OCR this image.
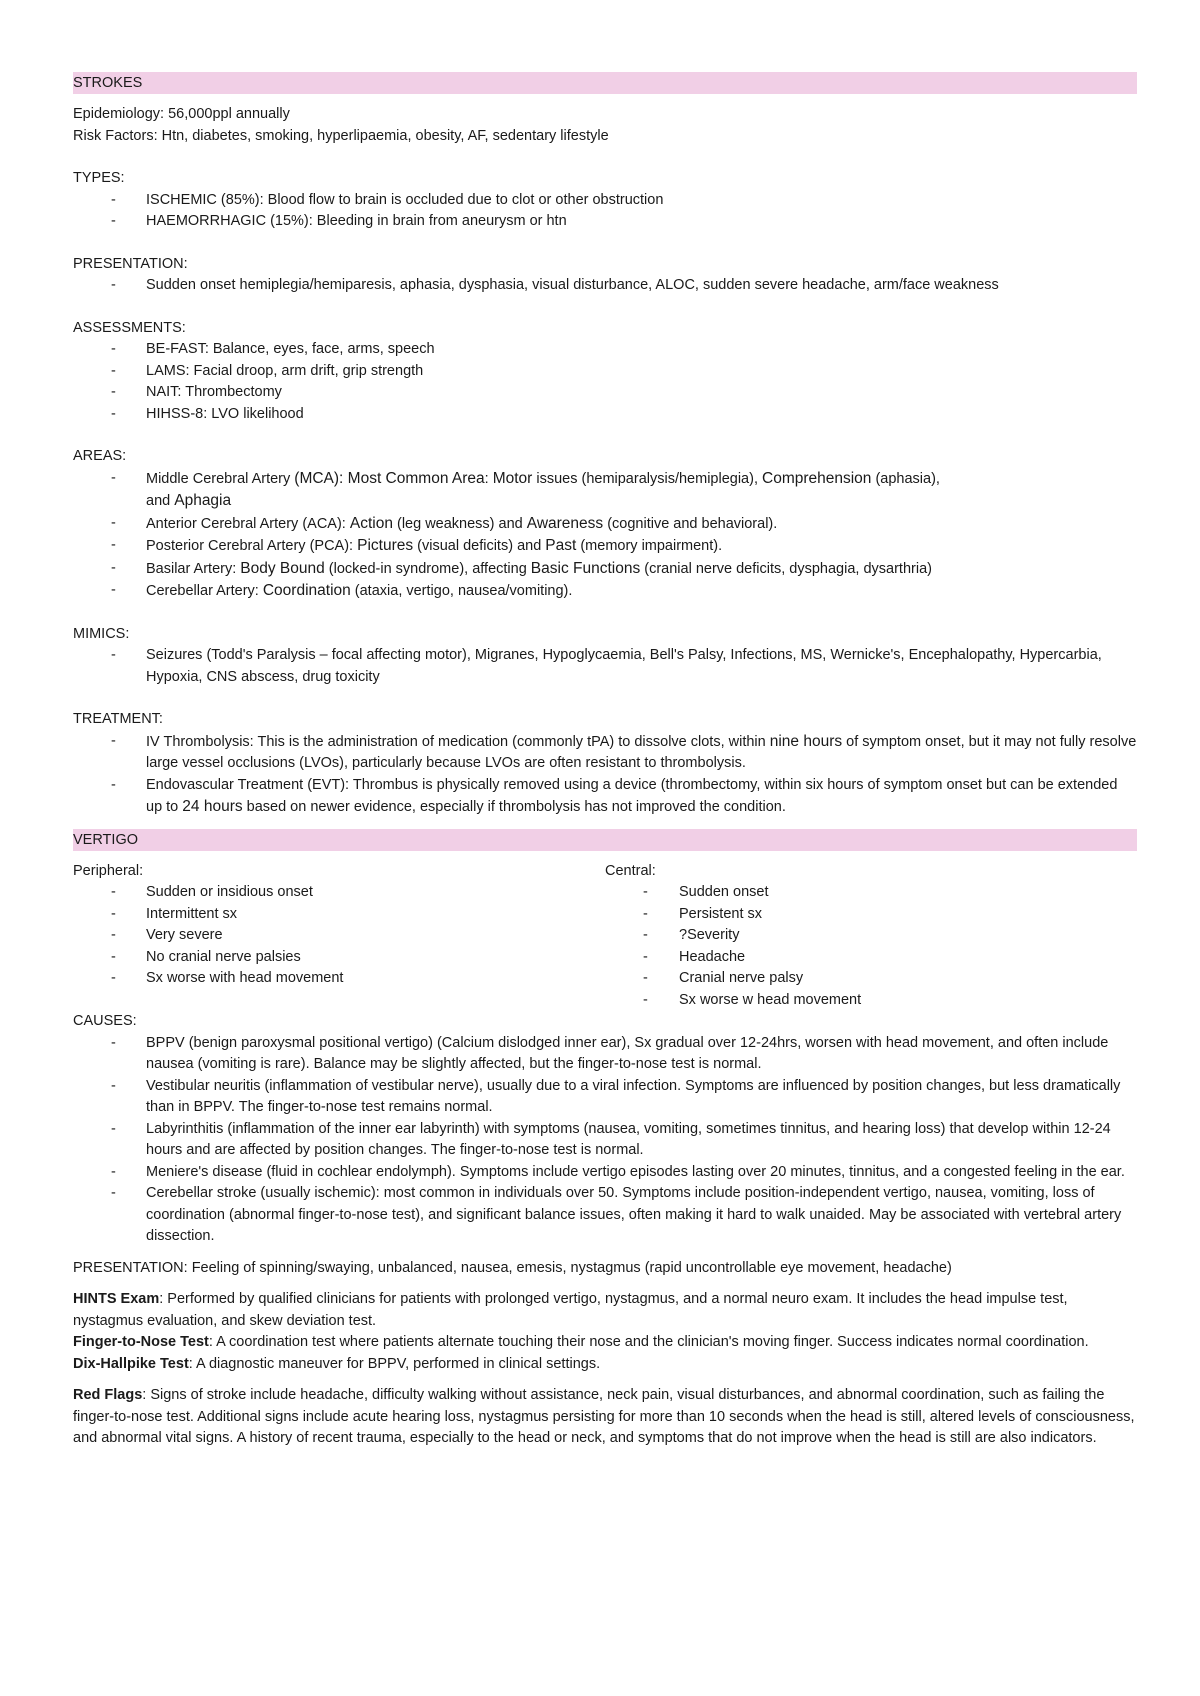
STROKES

Epidemiology: 56,000ppl annually

Risk Factors: Htn, diabetes, smoking, hyperlipaemia, obesity, AF, sedentary lifestyle

TYPES:

- ISCHEMIC (85%): Blood flow to brain is occluded due to clot or other obstruction
- HAEMORRHAGIC (15%): Bleeding in brain from aneurysm or htn

PRESENTATION:

- Sudden onset hemiplegia/hemiparesis, aphasia, dysphasia, visual disturbance, ALOC, sudden severe headache, arm/face weakness

ASSESSMENTS:

- BE-FAST: Balance, eyes, face, arms, speech
- LAMS: Facial droop, arm drift, grip strength
- NAIT: Thrombectomy
- HIHSS-8: LVO likelihood

AREAS:

- Middle Cerebral Artery (MCA): Most Common Area: Motor issues (hemiparalysis/hemiplegia), Comprehension (aphasia),
and Aphagia
- Anterior Cerebral Artery (ACA): Action (leg weakness) and Awareness (cognitive and behavioral).
- Posterior Cerebral Artery (PCA): Pictures (visual deficits) and Past (memory impairment).
- Basilar Artery: Body Bound (locked-in syndrome), affecting Basic Functions (cranial nerve deficits, dysphagia, dysarthria)
- Cerebellar Artery: Coordination (ataxia, vertigo, nausea/vomiting).

MIMICS:

- Seizures (Todd's Paralysis – focal affecting motor), Migranes, Hypoglycaemia, Bell's Palsy, Infections, MS, Wernicke's, Encephalopathy, Hypercarbia, Hypoxia, CNS abscess, drug toxicity

TREATMENT:

- IV Thrombolysis: This is the administration of medication (commonly tPA) to dissolve clots, within nine hours of symptom onset, but it may not fully resolve large vessel occlusions (LVOs), particularly because LVOs are often resistant to thrombolysis.
- Endovascular Treatment (EVT): Thrombus is physically removed using a device (thrombectomy, within six hours of symptom onset but can be extended up to 24 hours based on newer evidence, especially if thrombolysis has not improved the condition.
VERTIGO

Peripheral:

- Sudden or insidious onset
- Intermittent sx
- Very severe
- No cranial nerve palsies
- Sx worse with head movement

Central:

- Sudden onset
- Persistent sx
- ?Severity
- Headache
- Cranial nerve palsy
- Sx worse w head movement

CAUSES:

- BPPV (benign paroxysmal positional vertigo) (Calcium dislodged inner ear), Sx gradual over 12-24hrs, worsen with head movement, and often include nausea (vomiting is rare). Balance may be slightly affected, but the finger-to-nose test is normal.
- Vestibular neuritis (inflammation of vestibular nerve), usually due to a viral infection. Symptoms are influenced by position changes, but less dramatically than in BPPV. The finger-to-nose test remains normal.
- Labyrinthitis (inflammation of the inner ear labyrinth) with symptoms (nausea, vomiting, sometimes tinnitus, and hearing loss) that develop within 12-24 hours and are affected by position changes. The finger-to-nose test is normal.
- Meniere's disease (fluid in cochlear endolymph). Symptoms include vertigo episodes lasting over 20 minutes, tinnitus, and a congested feeling in the ear.
- Cerebellar stroke (usually ischemic): most common in individuals over 50. Symptoms include position-independent vertigo, nausea, vomiting, loss of coordination (abnormal finger-to-nose test), and significant balance issues, often making it hard to walk unaided. May be associated with vertebral artery dissection.

PRESENTATION: Feeling of spinning/swaying, unbalanced, nausea, emesis, nystagmus (rapid uncontrollable eye movement, headache)

HINTS Exam: Performed by qualified clinicians for patients with prolonged vertigo, nystagmus, and a normal neuro exam. It includes the head impulse test, nystagmus evaluation, and skew deviation test.

Finger-to-Nose Test: A coordination test where patients alternate touching their nose and the clinician's moving finger. Success indicates normal coordination.

Dix-Hallpike Test: A diagnostic maneuver for BPPV, performed in clinical settings.

Red Flags: Signs of stroke include headache, difficulty walking without assistance, neck pain, visual disturbances, and abnormal coordination, such as failing the finger-to-nose test. Additional signs include acute hearing loss, nystagmus persisting for more than 10 seconds when the head is still, altered levels of consciousness, and abnormal vital signs. A history of recent trauma, especially to the head or neck, and symptoms that do not improve when the head is still are also indicators.
